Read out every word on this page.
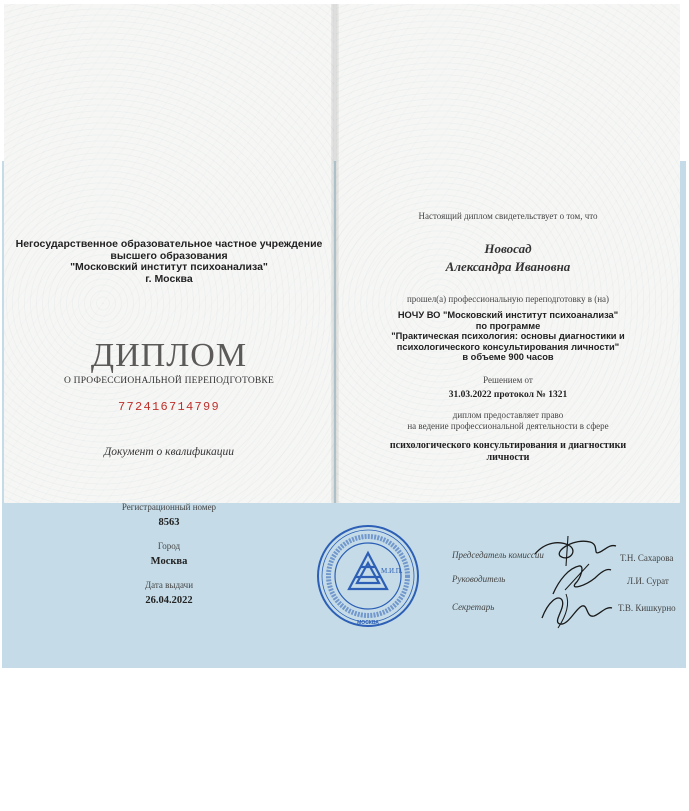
Негосударственное образовательное частное учреждение
высшего образования
"Московский институт психоанализа"
г. Москва
ДИПЛОМ
О ПРОФЕССИОНАЛЬНОЙ ПЕРЕПОДГОТОВКЕ
772416714799
Документ о квалификации
Регистрационный номер
8563
Город
Москва
Дата выдачи
26.04.2022
Настоящий диплом свидетельствует о том, что
Новосад
Александра Ивановна
прошел(а) профессиональную переподготовку в (на)
НОЧУ ВО "Московский институт психоанализа"
по программе
"Практическая психология: основы диагностики и
психологического консультирования личности"
в объеме 900 часов
Решением от
31.03.2022 протокол № 1321
диплом предоставляет право
на ведение профессиональной деятельности в сфере
психологического консультирования и диагностики
личности
Председатель комиссии	Т.Н. Сахарова
Руководитель	Л.И. Сурат
Секретарь	Т.В. Кишкурно
М.И.П.
МОСКВА
